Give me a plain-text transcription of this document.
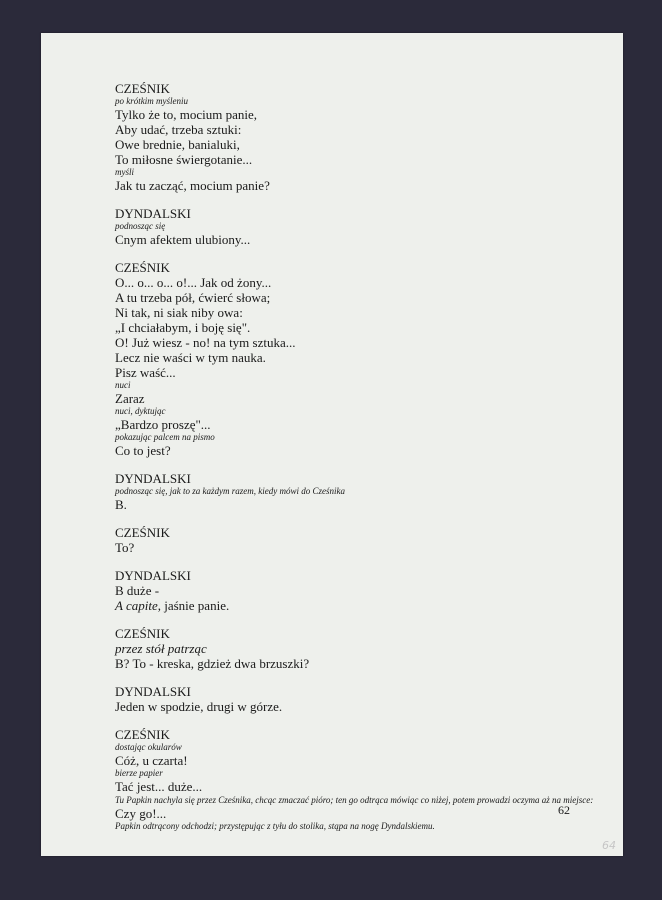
CZEŚNIK
po krótkim myśleniu
Tylko że to, mocium panie,
Aby udać, trzeba sztuki:
Owe brednie, banialuki,
To miłosne świergotanie...
myśli
Jak tu zacząć, mocium panie?
DYNDALSKI
podnosząc się
Cnym afektem ulubiony...
CZEŚNIK
O... o... o... o!... Jak od żony...
A tu trzeba pół, ćwierć słowa;
Ni tak, ni siak niby owa:
„I chciałabym, i boję się".
O! Już wiesz - no! na tym sztuka...
Lecz nie waści w tym nauka.
Pisz waść...
nuci
Zaraz
nuci, dyktując
„Bardzo proszę"...
pokazując palcem na pismo
Co to jest?
DYNDALSKI
podnosząc się, jak to za każdym razem, kiedy mówi do Cześnika
B.
CZEŚNIK
To?
DYNDALSKI
B duże -
A capite, jaśnie panie.
CZEŚNIK
przez stół patrząc
B? To - kreska, gdzież dwa brzuszki?
DYNDALSKI
Jeden w spodzie, drugi w górze.
CZEŚNIK
dostając okularów
Cóż, u czarta!
bierze papier
Tać jest... duże...
Tu Papkin nachyla się przez Cześnika, chcąc zmaczać pióro; ten go odtrąca mówiąc co niżej, potem prowadzi oczyma aż na miejsce:
Czy go!...
Papkin odtrącony odchodzi; przystępując z tyłu do stolika, stąpa na nogę Dyndalskiemu.
62
64
